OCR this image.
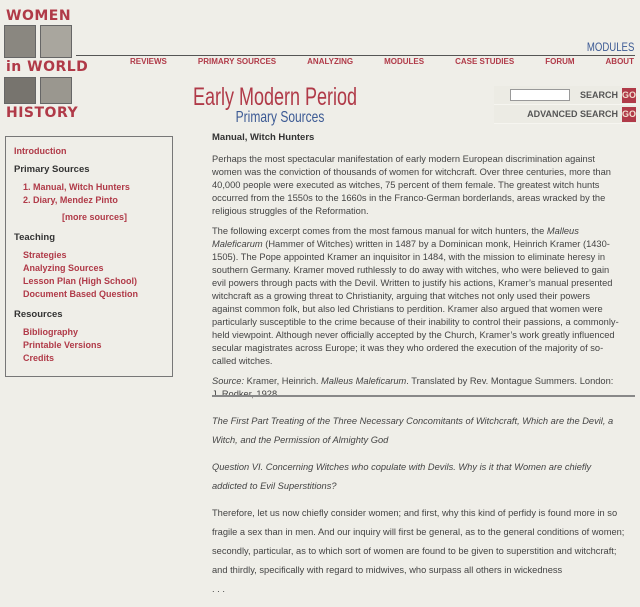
WOMEN
in WORLD
HISTORY
MODULES
REVIEWS	PRIMARY SOURCES	ANALYZING	MODULES	CASE STUDIES	FORUM	ABOUT
Early Modern Period
Primary Sources
SEARCH GO
ADVANCED SEARCH GO
Introduction
Primary Sources
1. Manual, Witch Hunters
2. Diary, Mendez Pinto
[more sources]
Teaching
Strategies
Analyzing Sources
Lesson Plan (High School)
Document Based Question
Resources
Bibliography
Printable Versions
Credits
Manual, Witch Hunters

Perhaps the most spectacular manifestation of early modern European discrimination against women was the conviction of thousands of women for witchcraft. Over three centuries, more than 40,000 people were executed as witches, 75 percent of them female. The greatest witch hunts occurred from the 1550s to the 1660s in the Franco-German borderlands, areas wracked by the religious struggles of the Reformation.

The following excerpt comes from the most famous manual for witch hunters, the Malleus Maleficarum (Hammer of Witches) written in 1487 by a Dominican monk, Heinrich Kramer (1430-1505). The Pope appointed Kramer an inquisitor in 1484, with the mission to eliminate heresy in southern Germany. Kramer moved ruthlessly to do away with witches, who were believed to gain evil powers through pacts with the Devil. Written to justify his actions, Kramer’s manual presented witchcraft as a growing threat to Christianity, arguing that witches not only used their powers against common folk, but also led Christians to perdition. Kramer also argued that women were particularly susceptible to the crime because of their inability to control their passions, a commonly-held viewpoint. Although never officially accepted by the Church, Kramer’s work greatly influenced secular magistrates across Europe; it was they who ordered the execution of the majority of so-called witches.

Source: Kramer, Heinrich. Malleus Maleficarum. Translated by Rev. Montague Summers. London: J. Rodker, 1928.

The First Part Treating of the Three Necessary Concomitants of Witchcraft, Which are the Devil, a Witch, and the Permission of Almighty God

Question VI. Concerning Witches who copulate with Devils. Why is it that Women are chiefly addicted to Evil Superstitions?

Therefore, let us now chiefly consider women; and first, why this kind of perfidy is found more in so fragile a sex than in men. And our inquiry will first be general, as to the general conditions of women; secondly, particular, as to which sort of women are found to be given to superstition and witchcraft; and thirdly, specifically with regard to midwives, who surpass all others in wickedness
. . .
